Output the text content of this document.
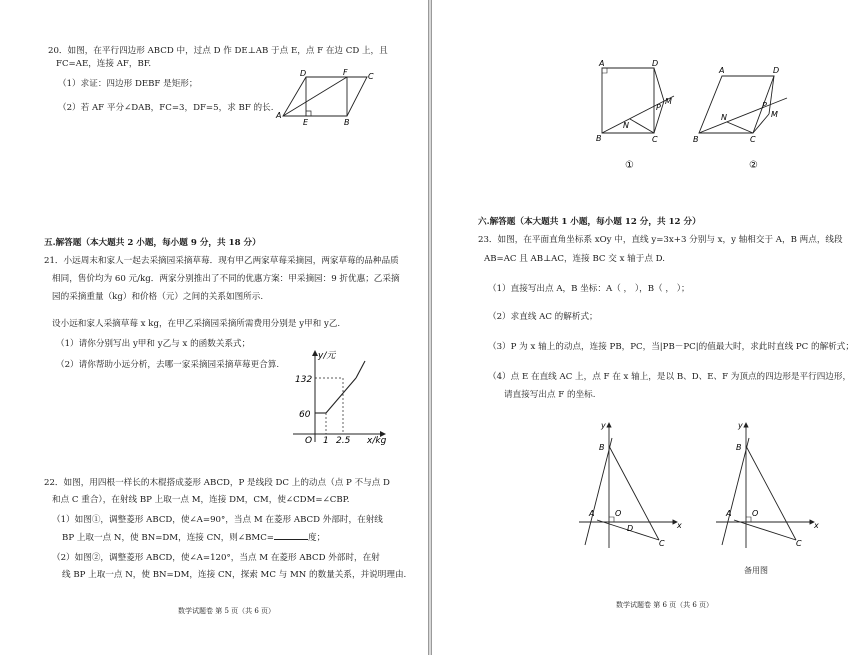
20．如图，在平行四边形 ABCD 中，过点 D 作 DE⊥AB 于点 E，点 F 在边 CD 上，且
FC=AE，连接 AF，BF.
（1）求证：四边形 DEBF 是矩形；
（2）若 AF 平分∠DAB，FC=3，DF=5，求 BF 的长.
D	F	C
A
E	B
五.解答题（本大题共 2 小题，每小题 9 分，共 18 分）
21．小远周末和家人一起去采摘园采摘草莓．现有甲乙两家草莓采摘园，两家草莓的品种品质
相同，售价均为 60 元/kg．两家分别推出了不同的优惠方案：甲采摘园：9 折优惠；乙采摘
园的采摘重量（kg）和价格（元）之间的关系如图所示.
设小远和家人采摘草莓 x kg，在甲乙采摘园采摘所需费用分别是 y甲和 y乙.
（1）请你分别写出 y甲和 y乙与 x 的函数关系式；
（2）请你帮助小远分析，去哪一家采摘园采摘草莓更合算.
y/元
x/kg
O
60
132
1 2.5
22．如图，用四根一样长的木棍搭成菱形 ABCD，P 是线段 DC 上的动点（点 P 不与点 D
和点 C 重合），在射线 BP 上取一点 M，连接 DM，CM，使∠CDM=∠CBP.
（1）如图①，调整菱形 ABCD，使∠A=90°，当点 M 在菱形 ABCD 外部时，在射线
BP 上取一点 N，使 BN=DM，连接 CN，则∠BMC=	度；
（2）如图②，调整菱形 ABCD，使∠A=120°，当点 M 在菱形 ABCD 外部时，在射
线 BP 上取一点 N，使 BN=DM，连接 CN，探索 MC 与 MN 的数量关系，并说明理由.
数学试题卷 第 5 页（共 6 页）
A	D
B	C
N
P
M
①
A	D
B	C
N
P
M
②
六.解答题（本大题共 1 小题，每小题 12 分，共 12 分）
23．如图，在平面直角坐标系 xOy 中，直线 y=3x+3 分别与 x，y 轴相交于 A，B 两点，线段
AB=AC 且 AB⊥AC，连接 BC 交 x 轴于点 D.
（1）直接写出点 A，B 坐标：A（ ， ），B（ ， ）；
（2）求直线 AC 的解析式；
（3）P 为 x 轴上的动点，连接 PB，PC，当|PB－PC|的值最大时，求此时直线 PC 的解析式；
（4）点 E 在直线 AC 上，点 F 在 x 轴上，是以 B、D、E、F 为顶点的四边形是平行四边形，
请直接写出点 F 的坐标.
y
x
B
A	O
D
C
y
x
B
A	O
C
备用图
数学试题卷 第 6 页（共 6 页）
